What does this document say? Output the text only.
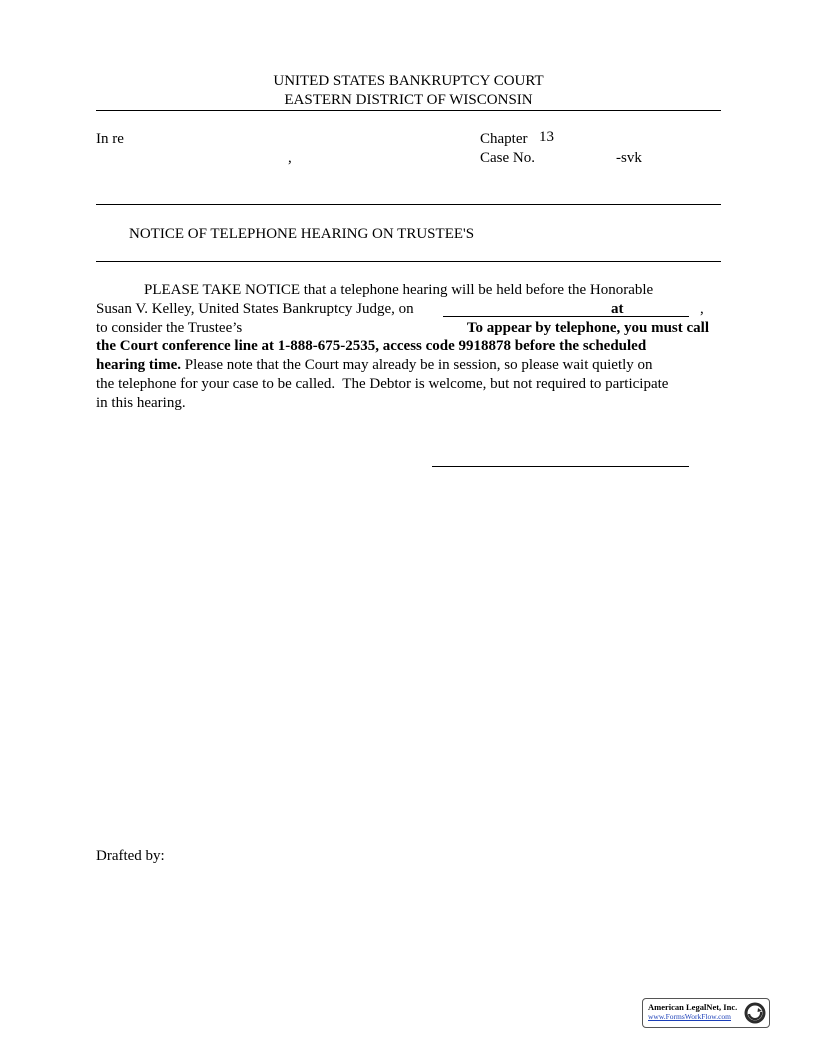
UNITED STATES BANKRUPTCY COURT
EASTERN DISTRICT OF WISCONSIN
In re
,
Chapter 13
Case No.	-svk
NOTICE OF TELEPHONE HEARING ON TRUSTEE'S
PLEASE TAKE NOTICE that a telephone hearing will be held before the Honorable
Susan V. Kelley, United States Bankruptcy Judge, on	at	,
to consider the Trustee’s	To appear by telephone, you must call
the Court conference line at 1-888-675-2535, access code 9918878 before the scheduled
hearing time. Please note that the Court may already be in session, so please wait quietly on
the telephone for your case to be called.  The Debtor is welcome, but not required to participate
in this hearing.
Drafted by:
American LegalNet, Inc.
www.FormsWorkFlow.com
